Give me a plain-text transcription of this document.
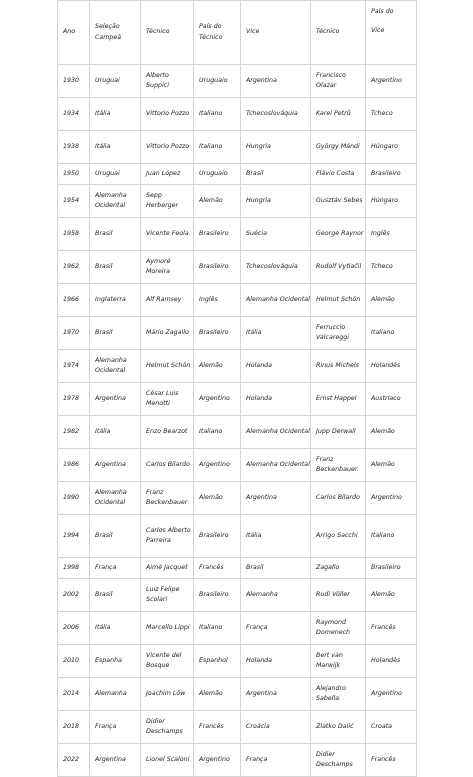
Ano	Seleção Campeã	Técnico	País do Técnico	Vice	Técnico	País do
Vice

1930	Uruguai	Alberto Suppici	Uruguaio	Argentina	Francisco Olazar	Argentino
1934	Itália	Vittorio Pozzo	Italiano	Tchecoslováquia	Karel Petrů	Tcheco
1938	Itália	Vittorio Pozzo	Italiano	Hungria	György Mándi	Húngaro
1950	Uruguai	Juan López	Uruguaio	Brasil	Flávio Costa	Brasileiro
1954	Alemanha Ocidental	Sepp Herberger	Alemão	Hungria	Gusztáv Sebes	Húngaro
1958	Brasil	Vicente Feola	Brasileiro	Suécia	George Raynor	Inglês
1962	Brasil	Aymoré Moreira	Brasileiro	Tchecoslováquia	Rudolf Vytlačil	Tcheco
1966	Inglaterra	Alf Ramsey	Inglês	Alemanha Ocidental	Helmut Schön	Alemão
1970	Brasil	Mário Zagallo	Brasileiro	Itália	Ferruccio Valcareggi	Italiano
1974	Alemanha Ocidental	Helmut Schön	Alemão	Holanda	Rinus Michels	Holandês
1978	Argentina	César Luis Menotti	Argentino	Holanda	Ernst Happel	Austríaco
1982	Itália	Enzo Bearzot	Italiano	Alemanha Ocidental	Jupp Derwall	Alemão
1986	Argentina	Carlos Bilardo	Argentino	Alemanha Ocidental	Franz Beckenbauer	Alemão
1990	Alemanha Ocidental	Franz Beckenbauer	Alemão	Argentina	Carlos Bilardo	Argentino
1994	Brasil	Carlos Alberto Parreira	Brasileiro	Itália	Arrigo Sacchi	Italiano
1998	França	Aimé Jacquet	Francês	Brasil	Zagallo	Brasileiro
2002	Brasil	Luiz Felipe Scolari	Brasileiro	Alemanha	Rudi Völler	Alemão
2006	Itália	Marcello Lippi	Italiano	França	Raymond Domenech	Francês
2010	Espanha	Vicente del Bosque	Espanhol	Holanda	Bert van Marwijk	Holandês
2014	Alemanha	Joachim Löw	Alemão	Argentina	Alejandro Sabella	Argentino
2018	França	Didier Deschamps	Francês	Croácia	Zlatko Dalić	Croata
2022	Argentina	Lionel Scaloni	Argentino	França	Didier Deschamps	Francês
